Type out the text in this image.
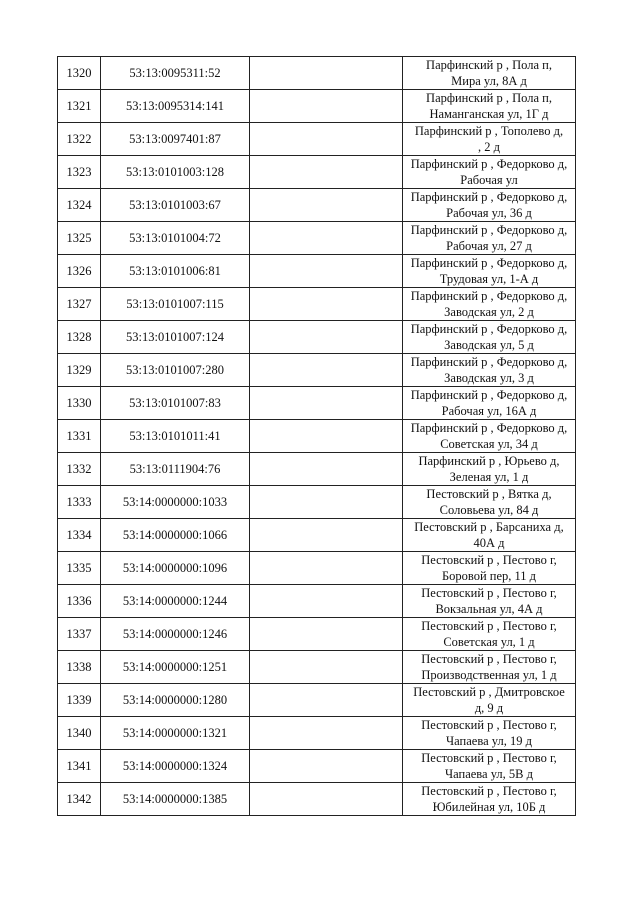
1320	53:13:0095311:52		Парфинский р , Пола п,
Мира ул, 8А д
1321	53:13:0095314:141		Парфинский р , Пола п,
Наманганская ул, 1Г д
1322	53:13:0097401:87		Парфинский р , Тополево д,
, 2 д
1323	53:13:0101003:128		Парфинский р , Федорково д,
Рабочая ул
1324	53:13:0101003:67		Парфинский р , Федорково д,
Рабочая ул, 36 д
1325	53:13:0101004:72		Парфинский р , Федорково д,
Рабочая ул, 27 д
1326	53:13:0101006:81		Парфинский р , Федорково д,
Трудовая ул, 1-А д
1327	53:13:0101007:115		Парфинский р , Федорково д,
Заводская ул, 2 д
1328	53:13:0101007:124		Парфинский р , Федорково д,
Заводская ул, 5 д
1329	53:13:0101007:280		Парфинский р , Федорково д,
Заводская ул, 3 д
1330	53:13:0101007:83		Парфинский р , Федорково д,
Рабочая ул, 16А д
1331	53:13:0101011:41		Парфинский р , Федорково д,
Советская ул, 34 д
1332	53:13:0111904:76		Парфинский р , Юрьево д,
Зеленая ул, 1 д
1333	53:14:0000000:1033		Пестовский р , Вятка д,
Соловьева ул, 84 д
1334	53:14:0000000:1066		Пестовский р , Барсаниха д,
40А д
1335	53:14:0000000:1096		Пестовский р , Пестово г,
Боровой пер, 11 д
1336	53:14:0000000:1244		Пестовский р , Пестово г,
Вокзальная ул, 4А д
1337	53:14:0000000:1246		Пестовский р , Пестово г,
Советская ул, 1 д
1338	53:14:0000000:1251		Пестовский р , Пестово г,
Производственная ул, 1 д
1339	53:14:0000000:1280		Пестовский р , Дмитровское
д, 9 д
1340	53:14:0000000:1321		Пестовский р , Пестово г,
Чапаева ул, 19 д
1341	53:14:0000000:1324		Пестовский р , Пестово г,
Чапаева ул, 5В д
1342	53:14:0000000:1385		Пестовский р , Пестово г,
Юбилейная ул, 10Б д
